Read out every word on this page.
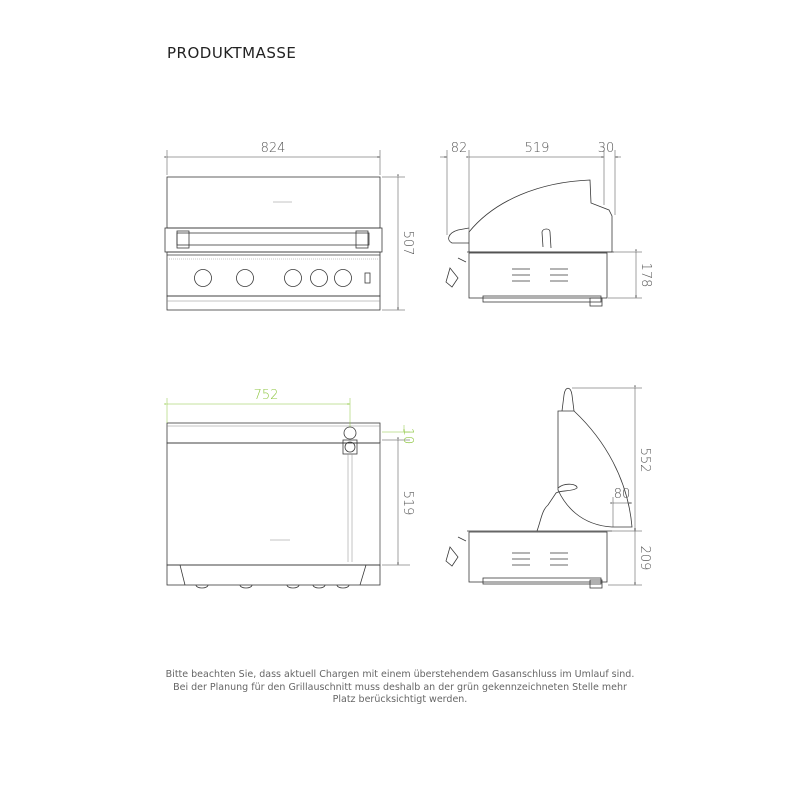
PRODUKTMASSE
824
507
82	519	30
178
752
10
519
552
80
209
Bitte beachten Sie, dass aktuell Chargen mit einem überstehendem Gasanschluss im Umlauf sind.
Bei der Planung für den Grillauschnitt muss deshalb an der grün gekennzeichneten Stelle mehr
Platz berücksichtigt werden.
